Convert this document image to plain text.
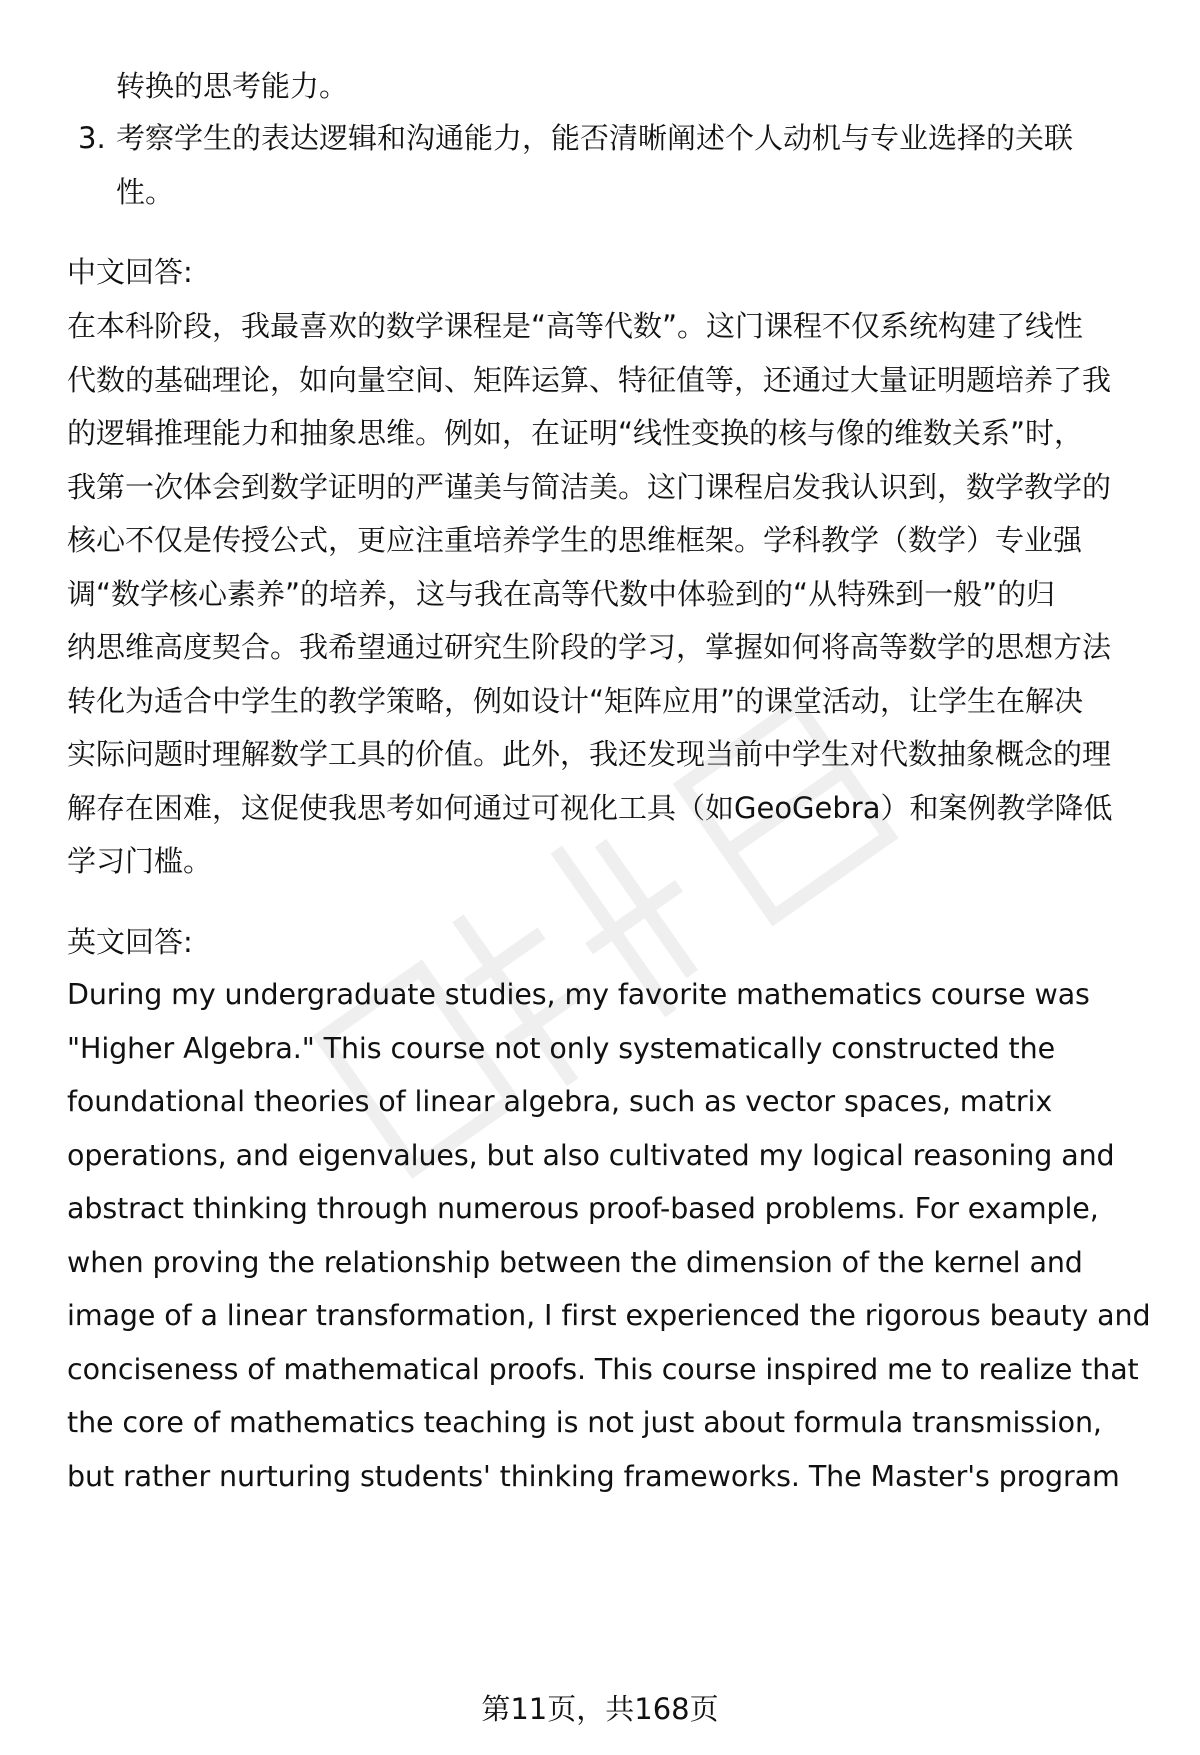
转换的思考能力。
3. 考察学生的表达逻辑和沟通能力，能否清晰阐述个人动机与专业选择的关联
性。
中文回答:
在本科阶段，我最喜欢的数学课程是“高等代数”。这门课程不仅系统构建了线性
代数的基础理论，如向量空间、矩阵运算、特征值等，还通过大量证明题培养了我
的逻辑推理能力和抽象思维。例如，在证明“线性变换的核与像的维数关系”时，
我第一次体会到数学证明的严谨美与简洁美。这门课程启发我认识到，数学教学的
核心不仅是传授公式，更应注重培养学生的思维框架。学科教学（数学）专业强
调“数学核心素养”的培养，这与我在高等代数中体验到的“从特殊到一般”的归
纳思维高度契合。我希望通过研究生阶段的学习，掌握如何将高等数学的思想方法
转化为适合中学生的教学策略，例如设计“矩阵应用”的课堂活动，让学生在解决
实际问题时理解数学工具的价值。此外，我还发现当前中学生对代数抽象概念的理
解存在困难，这促使我思考如何通过可视化工具（如GeoGebra）和案例教学降低
学习门槛。
英文回答:
During my undergraduate studies, my favorite mathematics course was
"Higher Algebra." This course not only systematically constructed the
foundational theories of linear algebra, such as vector spaces, matrix
operations, and eigenvalues, but also cultivated my logical reasoning and
abstract thinking through numerous proof-based problems. For example,
when proving the relationship between the dimension of the kernel and
image of a linear transformation, I first experienced the rigorous beauty and
conciseness of mathematical proofs. This course inspired me to realize that
the core of mathematics teaching is not just about formula transmission,
but rather nurturing students' thinking frameworks. The Master's program
第11页，共168页
